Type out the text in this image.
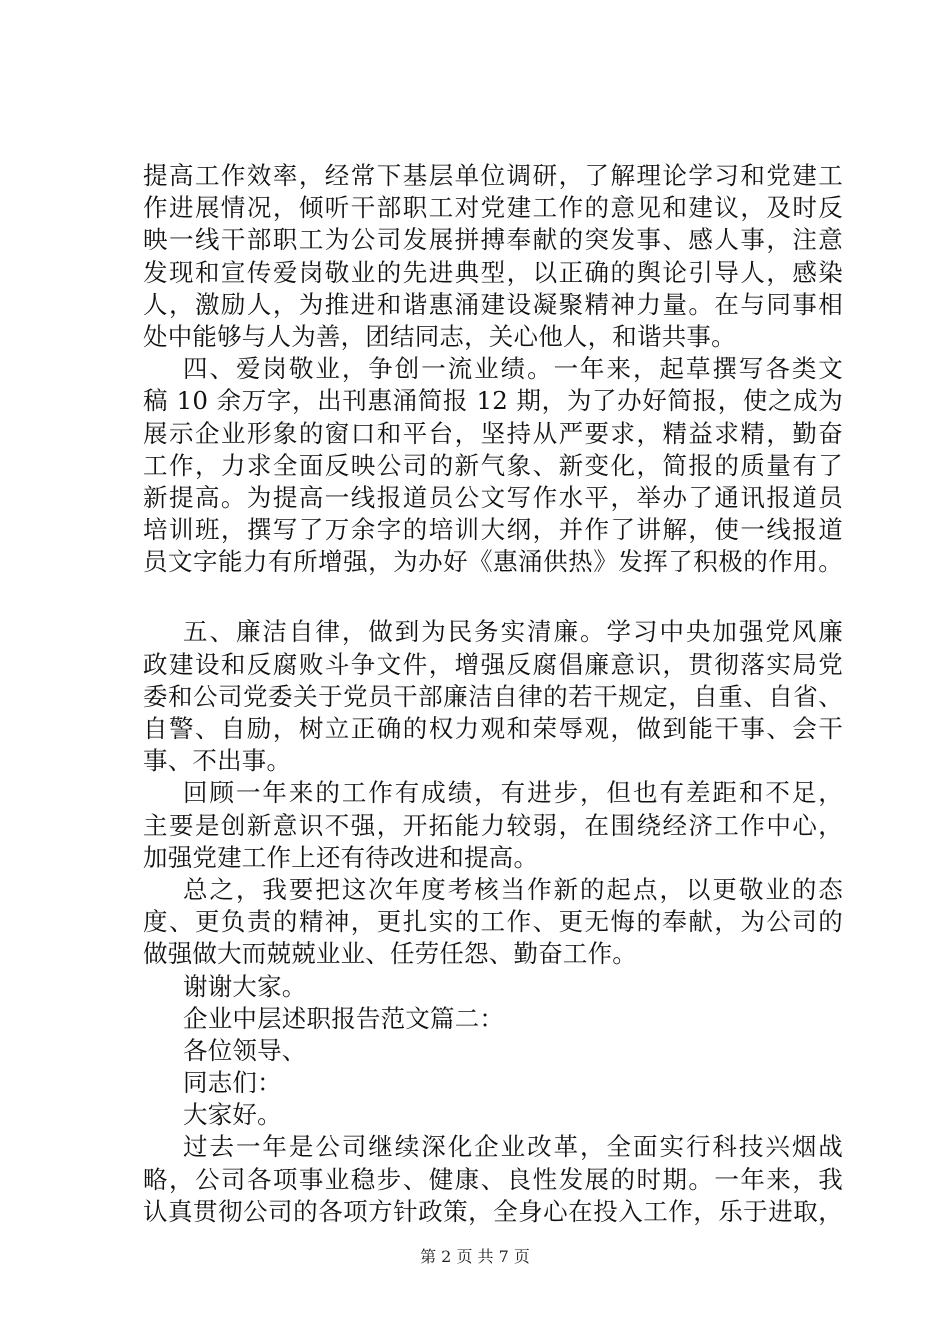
提高工作效率，经常下基层单位调研，了解理论学习和党建工
作进展情况，倾听干部职工对党建工作的意见和建议，及时反
映一线干部职工为公司发展拼搏奉献的突发事、感人事，注意
发现和宣传爱岗敬业的先进典型，以正确的舆论引导人，感染
人，激励人，为推进和谐惠涌建设凝聚精神力量。在与同事相
处中能够与人为善，团结同志，关心他人，和谐共事。
四、爱岗敬业，争创一流业绩。一年来，起草撰写各类文
稿 10 余万字，出刊惠涌简报 12 期，为了办好简报，使之成为
展示企业形象的窗口和平台，坚持从严要求，精益求精，勤奋
工作，力求全面反映公司的新气象、新变化，简报的质量有了
新提高。为提高一线报道员公文写作水平，举办了通讯报道员
培训班，撰写了万余字的培训大纲，并作了讲解，使一线报道
员文字能力有所增强，为办好《惠涌供热》发挥了积极的作用。
五、廉洁自律，做到为民务实清廉。学习中央加强党风廉
政建设和反腐败斗争文件，增强反腐倡廉意识，贯彻落实局党
委和公司党委关于党员干部廉洁自律的若干规定，自重、自省、
自警、自励，树立正确的权力观和荣辱观，做到能干事、会干
事、不出事。
回顾一年来的工作有成绩，有进步，但也有差距和不足，
主要是创新意识不强，开拓能力较弱，在围绕经济工作中心，
加强党建工作上还有待改进和提高。
总之，我要把这次年度考核当作新的起点，以更敬业的态
度、更负责的精神，更扎实的工作、更无悔的奉献，为公司的
做强做大而兢兢业业、任劳任怨、勤奋工作。
谢谢大家。
企业中层述职报告范文篇二：
各位领导、
同志们：
大家好。
过去一年是公司继续深化企业改革，全面实行科技兴烟战
略，公司各项事业稳步、健康、良性发展的时期。一年来，我
认真贯彻公司的各项方针政策，全身心在投入工作，乐于进取，
第 2 页 共 7 页
